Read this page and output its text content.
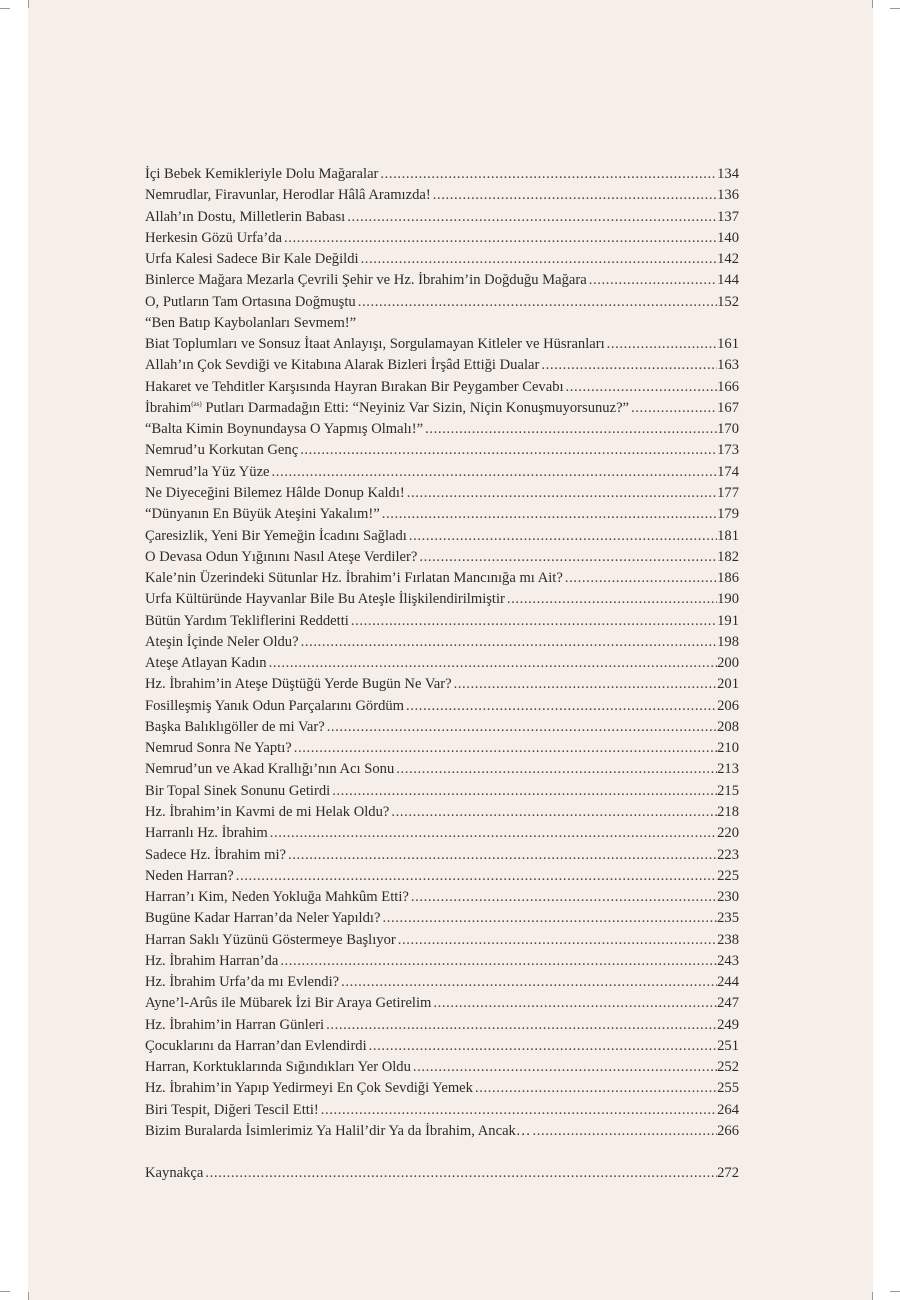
İçi Bebek Kemikleriyle Dolu Mağaralar .....	134
Nemrudlar, Firavunlar, Herodlar Hâlâ Aramızda! .....	136
Allah’ın Dostu, Milletlerin Babası .....	137
Herkesin Gözü Urfa’da .....	140
Urfa Kalesi Sadece Bir Kale Değildi .....	142
Binlerce Mağara Mezarla Çevrili Şehir ve Hz. İbrahim’in Doğduğu Mağara .....	144
O, Putların Tam Ortasına Doğmuştu .....	152
“Ben Batıp Kaybolanları Sevmem!”
Biat Toplumları ve Sonsuz İtaat Anlayışı, Sorgulamayan Kitleler ve Hüsranları .....	161
Allah’ın Çok Sevdiği ve Kitabına Alarak Bizleri İrşâd Ettiği Dualar .....	163
Hakaret ve Tehditler Karşısında Hayran Bırakan Bir Peygamber Cevabı .....	166
İbrahim$^{(as)}$ Putları Darmadağın Etti: “Neyiniz Var Sizin, Niçin Konuşmuyorsunuz?” .....	167
“Balta Kimin Boynundaysa O Yapmış Olmalı!” .....	170
Nemrud’u Korkutan Genç .....	173
Nemrud’la Yüz Yüze .....	174
Ne Diyeceğini Bilemez Hâlde Donup Kaldı! .....	177
“Dünyanın En Büyük Ateşini Yakalım!” .....	179
Çaresizlik, Yeni Bir Yemeğin İcadını Sağladı .....	181
O Devasa Odun Yığınını Nasıl Ateşe Verdiler? .....	182
Kale’nin Üzerindeki Sütunlar Hz. İbrahim’i Fırlatan Mancınığa mı Ait? .....	186
Urfa Kültüründe Hayvanlar Bile Bu Ateşle İlişkilendirilmiştir .....	190
Bütün Yardım Tekliflerini Reddetti .....	191
Ateşin İçinde Neler Oldu? .....	198
Ateşe Atlayan Kadın .....	200
Hz. İbrahim’in Ateşe Düştüğü Yerde Bugün Ne Var? .....	201
Fosilleşmiş Yanık Odun Parçalarını Gördüm .....	206
Başka Balıklıgöller de mi Var? .....	208
Nemrud Sonra Ne Yaptı? .....	210
Nemrud’un ve Akad Krallığı’nın Acı Sonu .....	213
Bir Topal Sinek Sonunu Getirdi .....	215
Hz. İbrahim’in Kavmi de mi Helak Oldu? .....	218
Harranlı Hz. İbrahim .....	220
Sadece Hz. İbrahim mi? .....	223
Neden Harran? .....	225
Harran’ı Kim, Neden Yokluğa Mahkûm Etti? .....	230
Bugüne Kadar Harran’da Neler Yapıldı? .....	235
Harran Saklı Yüzünü Göstermeye Başlıyor .....	238
Hz. İbrahim Harran’da .....	243
Hz. İbrahim Urfa’da mı Evlendi? .....	244
Ayne’l-Arûs ile Mübarek İzi Bir Araya Getirelim .....	247
Hz. İbrahim’in Harran Günleri .....	249
Çocuklarını da Harran’dan Evlendirdi .....	251
Harran, Korktuklarında Sığındıkları Yer Oldu .....	252
Hz. İbrahim’in Yapıp Yedirmeyi En Çok Sevdiği Yemek .....	255
Biri Tespit, Diğeri Tescil Etti! .....	264
Bizim Buralarda İsimlerimiz Ya Halil’dir Ya da İbrahim, Ancak… .....	266
Kaynakça .....	272
